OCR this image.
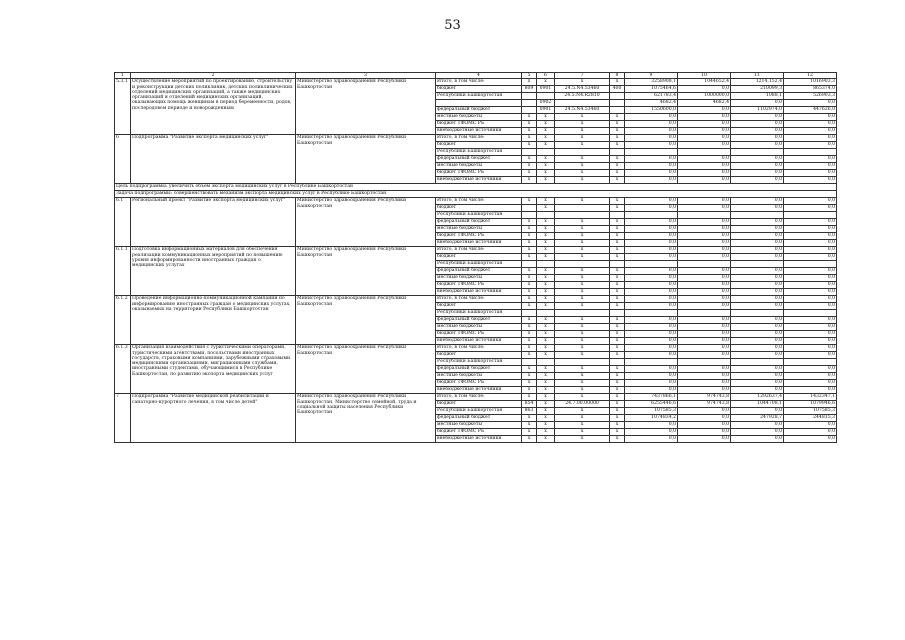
53
1	2	3	4	5	6	7	8	9	10	11	12
5.3.1	Осуществление мероприятий по проектированию, строительству и реконструкции детских поликлиник, детских поликлинических отделений медицинских организаций, а также медицинских организаций и отделений медицинских организаций, оказывающих помощь женщинам в период беременности, родов, послеродовом периоде и новорожденным	Министерство здравоохранения Республики Башкортостан	Итого, в том числе:	x	x	x	x	3258908,1	1044652,4	1214,152,4	1016903,3
			бюджет	809	0901	24.5.N4.53460	400	1075464,6	0,0	210099,3	865374,0
			Республики Башкортостан			24.5.N4.R2810		621783,4	1000000,0	1088,1	526903,3
					0902			4682,4	4682,4	0,0	0,0
			федеральный бюджет		0901	24.5.N4.53460		1550600,0	0,0	1102974,0	447626,0
			местные бюджеты	x	x	x	x	0,0	0,0	0,0	0,0
			бюджет ТФОМС РБ	x	x	x	x	0,0	0,0	0,0	0,0
			внебюджетные источники	x	x	x	x	0,0	0,0	0,0	0,0
6	Подпрограмма "Развитие экспорта медицинских услуг"	Министерство здравоохранения Республики Башкортостан	Итого, в том числе:	x	x	x	x	0,0	0,0	0,0	0,0
			бюджет	x	x	x	x	0,0	0,0	0,0	0,0
			Республики Башкортостан								
			федеральный бюджет	x	x	x	x	0,0	0,0	0,0	0,0
			местные бюджеты	x	x	x	x	0,0	0,0	0,0	0,0
			бюджет ТФОМС РБ	x	x	x	x	0,0	0,0	0,0	0,0
			внебюджетные источники	x	x	x	x	0,0	0,0	0,0	0,0
Цель подпрограммы: увеличить объем экспорта медицинских услуг в Республике Башкортостан											
Задача подпрограммы: совершенствовать механизм экспорта медицинских услуг в Республике Башкортостан											
6.1	Региональный проект "Развитие экспорта медицинских услуг"	Министерство здравоохранения Республики Башкортостан	Итого, в том числе:	x	x	x	x	0,0	0,0	0,0	0,0
			бюджет		x		x	0,0	0,0	0,0	0,0
			Республики Башкортостан								
			федеральный бюджет	x	x	x	x	0,0	0,0	0,0	0,0
			местные бюджеты	x	x	x	x	0,0	0,0	0,0	0,0
			бюджет ТФОМС РБ	x	x	x	x	0,0	0,0	0,0	0,0
			внебюджетные источники	x	x	x	x	0,0	0,0	0,0	0,0
6.1.1	Подготовка информационных материалов для обеспечения реализации коммуникационных мероприятий по повышению уровня информированности иностранных граждан о медицинских услугах	Министерство здравоохранения Республики Башкортостан	Итого, в том числе:	x	x	x	x	0,0	0,0	0,0	0,0
			бюджет	x	x	x	x	0,0	0,0	0,0	0,0
			Республики Башкортостан								
			федеральный бюджет	x	x	x	x	0,0	0,0	0,0	0,0
			местные бюджеты	x	x	x	x	0,0	0,0	0,0	0,0
			бюджет ТФОМС РБ	x	x	x	x	0,0	0,0	0,0	0,0
			внебюджетные источники	x	x	x	x	0,0	0,0	0,0	0,0
6.1.2	Проведение информационно-коммуникационной кампании по информированию иностранных граждан о медицинских услугах, оказываемых на территории Республики Башкортостан	Министерство здравоохранения Республики Башкортостан	Итого, в том числе:	x	x	x	x	0,0	0,0	0,0	0,0
			бюджет	x	x	x	x	0,0	0,0	0,0	0,0
			Республики Башкортостан								
			федеральный бюджет	x	x	x	x	0,0	0,0	0,0	0,0
			местные бюджеты	x	x	x	x	0,0	0,0	0,0	0,0
			бюджет ТФОМС РБ	x	x	x	x	0,0	0,0	0,0	0,0
			внебюджетные источники	x	x	x	x	0,0	0,0	0,0	0,0
6.1.3	Организация взаимодействия с туристическими операторами, туристическими агентствами, посольствами иностранных государств, страховыми компаниями, зарубежными страховыми медицинскими организациями, миграционными службами, иностранными студентами, обучающимися в Республике Башкортостан, по развитию экспорта медицинских услуг	Министерство здравоохранения Республики Башкортостан	Итого, в том числе:	x	x	x	x	0,0	0,0	0,0	0,0
			бюджет	x	x	x	x	0,0	0,0	0,0	0,0
			Республики Башкортостан								
			федеральный бюджет	x	x	x	x	0,0	0,0	0,0	0,0
			местные бюджеты	x	x	x	x	0,0	0,0	0,0	0,0
			бюджет ТФОМС РБ	x	x	x	x	0,0	0,0	0,0	0,0
			внебюджетные источники	x	x	x	x	0,0	0,0	0,0	0,0
7	Подпрограмма "Развитие медицинской реабилитации и санаторно-курортного лечения, в том числе детей"	Министерство здравоохранения Республики Башкортостан, Министерство семейной, труда и социальной защиты населения Республики Башкортостан	Итого, в том числе:	x	x	x	x	7437866,1	974743,8	1292637,4	1432347,1
			бюджет	854	x	24.7.00.00000	x	6255446,6	974743,8	1044708,1	1079946,6
			Республики Башкортостан	863	x	x	x	107585,3	0,0	0,0	107585,3
			федеральный бюджет	x	x	x	x	1074834,2	0,0	247928,7	244815,3
			местные бюджеты	x	x	x	x	0,0	0,0	0,0	0,0
			бюджет ТФОМС РБ	x	x	x	x	0,0	0,0	0,0	0,0
			внебюджетные источники	x	x	x	x	0,0	0,0	0,0	0,0
